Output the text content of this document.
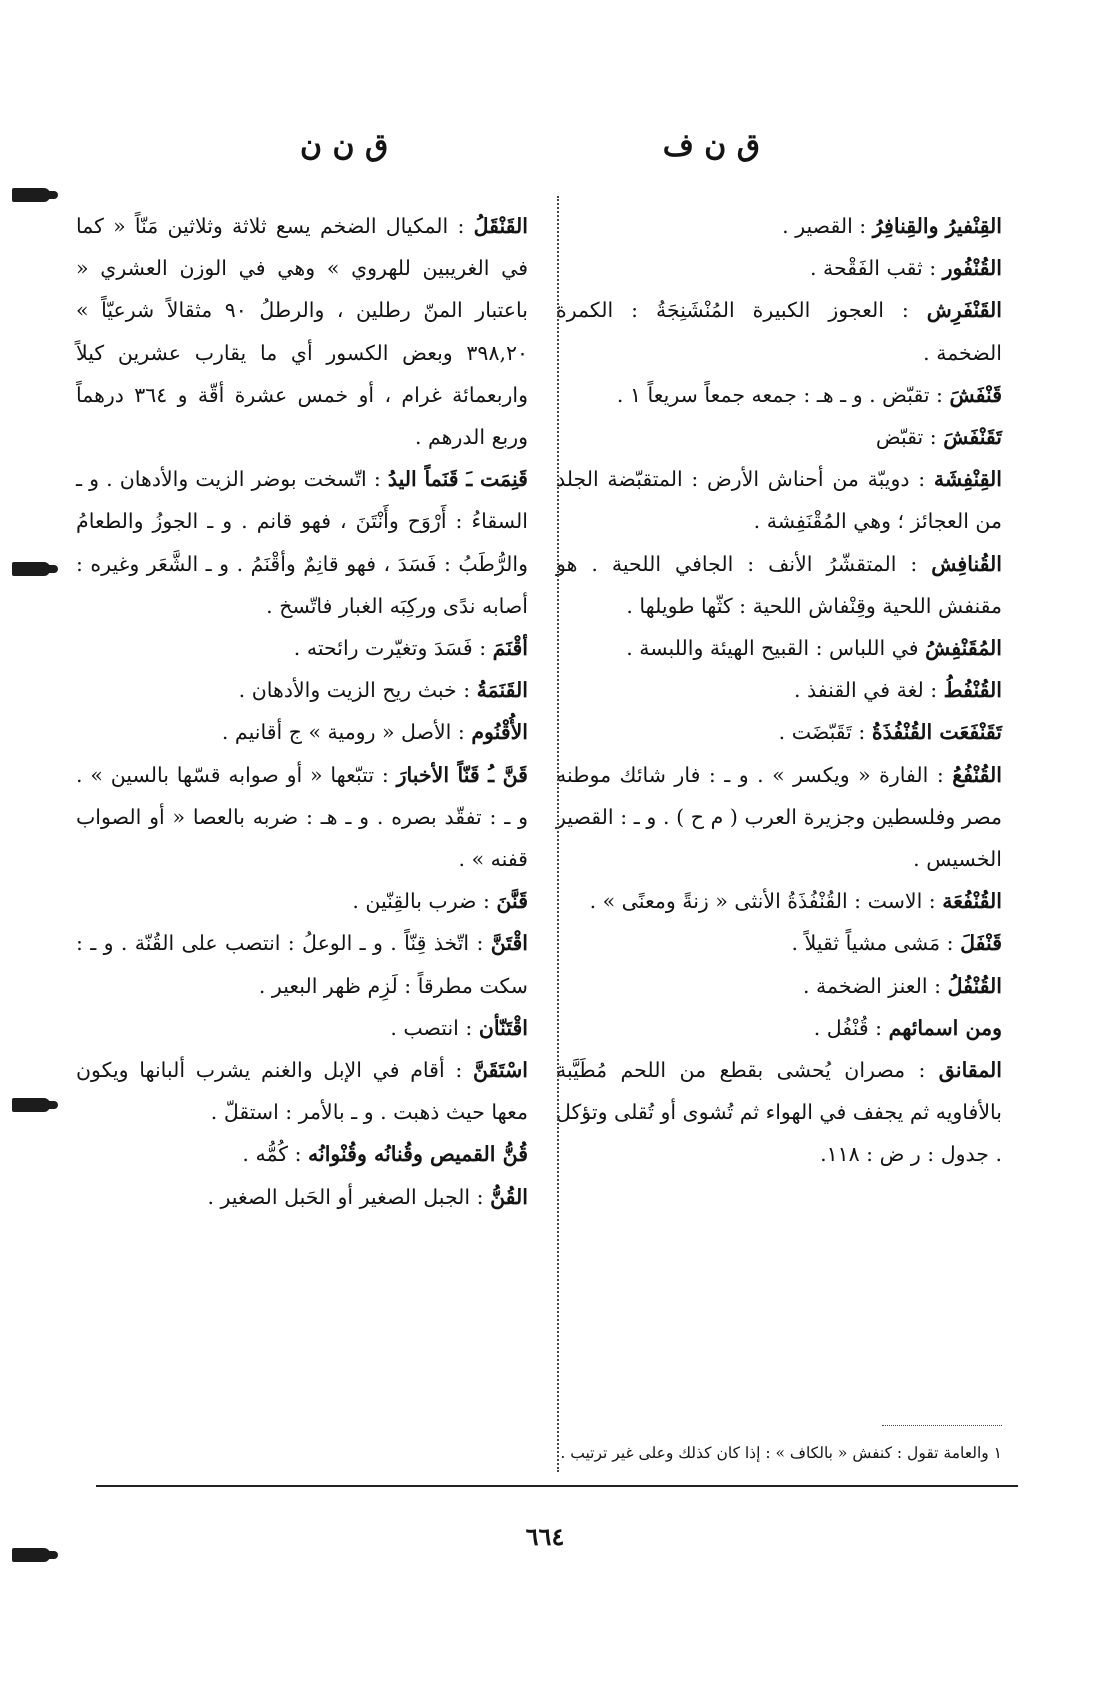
ق ن ف
ق ن ن

القِنْفيرُ والقِنافِرُ : القصير .

القُنْفُور : ثقب الفَقْحة .

القَنْفَرِش : العجوز الكبيرة المُنْشَنِجَةُ : الكمرة الضخمة .

قَنْفَشَ : تقبّض . و ـ هـ : جمعه جمعاً سريعاً ١ .

تَقَنْفَشَ : تقبّض

القِنْفِشَة : دويبّة من أحناش الأرض : المتقبّضة الجلد من العجائز ؛ وهي المُقْنَفِشة .

القُنافِش : المتقشّرُ الأنف : الجافي اللحية . هو مقنفش اللحية وقِنْفاش اللحية : كثّها طويلها .

المُقَنْفِشُ في اللباس : القبيح الهيئة واللبسة .

القُنْفُطُ : لغة في القنفذ .

تَقَنْفَعَت القُنْفُذَةُ : تَقَبّضَت .

القُنْفُعُ : الفارة « ويكسر » . و ـ : فار شائك موطنه مصر وفلسطين وجزيرة العرب ( م ح ) . و ـ : القصير الخسيس .

القُنْفُعَة : الاست : القُنْفُذَةُ الأنثى « زنةً ومعنًى » .

قَنْفَلَ : مَشى مشياً ثقيلاً .

القُنْفُلُ : العنز الضخمة .

ومن اسمائهم : قُنْفُل .

المقانق : مصران يُحشى بقطع من اللحم مُطَيَّبة بالأفاويه ثم يجفف في الهواء ثم تُشوى أو تُقلى وتؤكل . جدول : ر ض : ١١٨.

١ والعامة تقول : كنفش « بالكاف » : إذا كان كذلك وعلى غير ترتيب .

القَنْقَلُ : المكيال الضخم يسع ثلاثة وثلاثين مَنّاً « كما في الغريبين للهروي » وهي في الوزن العشري « باعتبار المنّ رطلين ، والرطلُ ٩٠ مثقالاً شرعيّاً » ٣٩٨,٢٠ وبعض الكسور أي ما يقارب عشرين كيلاً واربعمائة غرام ، أو خمس عشرة أقّة و ٣٦٤ درهماً وربع الدرهم .

قَنِمَت ـَ قَنَماً اليدُ : اتّسخت بوضر الزيت والأدهان . و ـ السقاءُ : أَرْوَح وأَنْتَنَ ، فهو قانم . و ـ الجوزُ والطعامُ والرُّطَبُ : فَسَدَ ، فهو قانِمٌ وأقْنَمُ . و ـ الشَّعَر وغيره : أصابه ندًى وركِبَه الغبار فاتّسخ .

أقْنَمَ : فَسَدَ وتغيّرت رائحته .

القَنَمَةُ : خبث ريح الزيت والأدهان .

الأُقْنُوم : الأصل « رومية » ج أقانيم .

قَنَّ ـُ قَنّاً الأخبارَ : تتبّعها « أو صوابه قسّها بالسين » . و ـ : تفقّد بصره . و ـ هـ : ضربه بالعصا « أو الصواب قفنه » .

قَنَّنَ : ضرب بالقِنّين .

اقْتَنَّ : اتّخذ قِنّاً . و ـ الوعلُ : انتصب على القُنّة . و ـ : سكت مطرقاً : لَزِم ظهر البعير .

اقْتَنّأن : انتصب .

اسْتَقَنَّ : أقام في الإبل والغنم يشرب ألبانها ويكون معها حيث ذهبت . و ـ بالأمر : استقلّ .

قُنُّ القميص وقُنانُه وقُنْوانُه : كُمُّه .

القُنُّ : الجبل الصغير أو الحَبل الصغير .

٦٦٤
